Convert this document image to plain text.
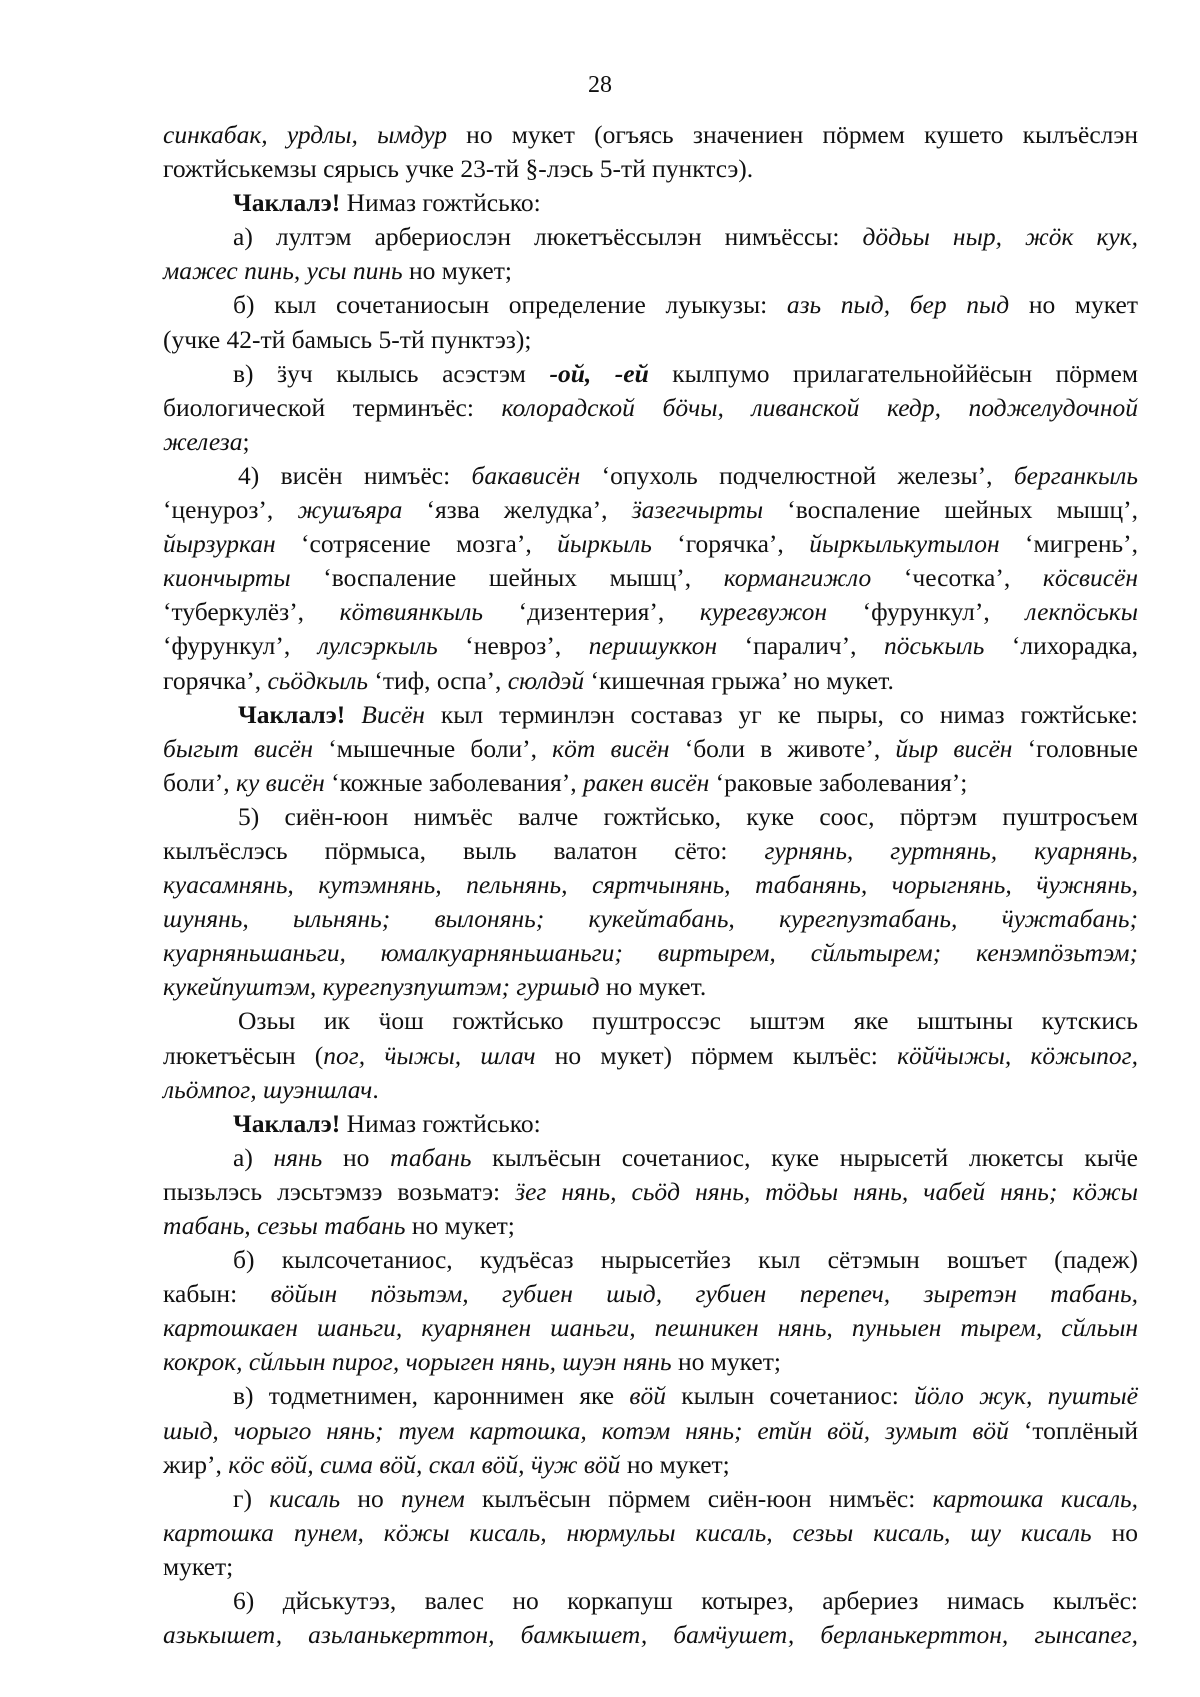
28
синкабак, урдлы, ымдур но мукет (огъясь значениен пӧрмем кушето кылъёслэн
гожтйськемзы сярысь учке 23-тй §-лэсь 5-тй пунктсэ).
Чаклалэ! Нимаз гожтйсько:
а) лултэм арбериослэн люкетъёссылэн нимъёссы: дӧдьы ныр, жӧк кук,
мажес пинь, усы пинь но мукет;
б) кыл сочетаниосын определение луыкузы: азь пыд, бер пыд но мукет
(учке 42-тй бамысь 5-тй пунктэз);
в) ӟуч кылысь асэстэм -ой, -ей кылпумо прилагательноййёсын пӧрмем
биологической терминъёс: колорадской бӧчы, ливанской кедр, поджелудочной
железа;
4) висён нимъёс: бакависён ‘опухоль подчелюстной железы’, берганкыль
‘ценуроз’, жушъяра ‘язва желудка’, ӟазегчырты ‘воспаление шейных мышц’,
йырзуркан ‘сотрясение мозга’, йыркыль ‘горячка’, йыркылькутылон ‘мигрень’,
киончырты ‘воспаление шейных мышц’, кормангижло ‘чесотка’, кӧсвисён
‘туберкулёз’, кӧтвиянкыль ‘дизентерия’, курегвужон ‘фурункул’, лекпӧськы
‘фурункул’, лулсэркыль ‘невроз’, перишуккон ‘паралич’, пӧськыль ‘лихорадка,
горячка’, сьӧдкыль ‘тиф, оспа’, сюлдэй ‘кишечная грыжа’ но мукет.
Чаклалэ! Висён кыл терминлэн составаз уг ке пыры, со нимаз гожтйське:
быгыт висён ‘мышечные боли’, кӧт висён ‘боли в животе’, йыр висён ‘головные
боли’, ку висён ‘кожные заболевания’, ракен висён ‘раковые заболевания’;
5) сиён-юон нимъёс валче гожтйсько, куке соос, пӧртэм пуштросъем
кылъёслэсь пӧрмыса, выль валатон сёто: гурнянь, гуртнянь, куарнянь,
куасамнянь, кутэмнянь, пельнянь, сяртчынянь, табанянь, чорыгнянь, ӵужнянь,
шунянь, ыльнянь; вылонянь; кукейтабань, курегпузтабань, ӵужтабань;
куарняньшаньги, юмалкуарняньшаньги; виртырем, сйльтырем; кенэмпӧзьтэм;
кукейпуштэм, курегпузпуштэм; гуршыд но мукет.
Озьы ик ӵош гожтйсько пуштроссэс ыштэм яке ыштыны кутскись
люкетъёсын (пог, ӵыжы, шлач но мукет) пӧрмем кылъёс: кӧйӵыжы, кӧжыпог,
льӧмпог, шуэншлач.
Чаклалэ! Нимаз гожтйсько:
а) нянь но табань кылъёсын сочетаниос, куке нырысетй люкетсы кыӵе
пызьлэсь лэсьтэмзэ возьматэ: ӟег нянь, сьӧд нянь, тӧдьы нянь, чабей нянь; кӧжы
табань, сезьы табань но мукет;
б) кылсочетаниос, кудъёсаз нырысетйез кыл сётэмын вошъет (падеж)
кабын: вӧйын пӧзьтэм, губиен шыд, губиен перепеч, зыретэн табань,
картошкаен шаньги, куарнянен шаньги, пешникен нянь, пуньыен тырем, сйльын
кокрок, сйльын пирог, чорыген нянь, шуэн нянь но мукет;
в) тодметнимен, кароннимен яке вӧй кылын сочетаниос: йӧло жук, пуштыё
шыд, чорыго нянь; туем картошка, котэм нянь; етйн вӧй, зумыт вӧй ‘топлёный
жир’, кӧс вӧй, сима вӧй, скал вӧй, ӵуж вӧй но мукет;
г) кисаль но пунем кылъёсын пӧрмем сиён-юон нимъёс: картошка кисаль,
картошка пунем, кӧжы кисаль, нюрмульы кисаль, сезьы кисаль, шу кисаль но
мукет;
6) дйськутэз, валес но коркапуш котырез, арбериез нимась кылъёс:
азькышет, азьланькерттон, бамкышет, бамӵушет, берланькерттон, гынсапег,
